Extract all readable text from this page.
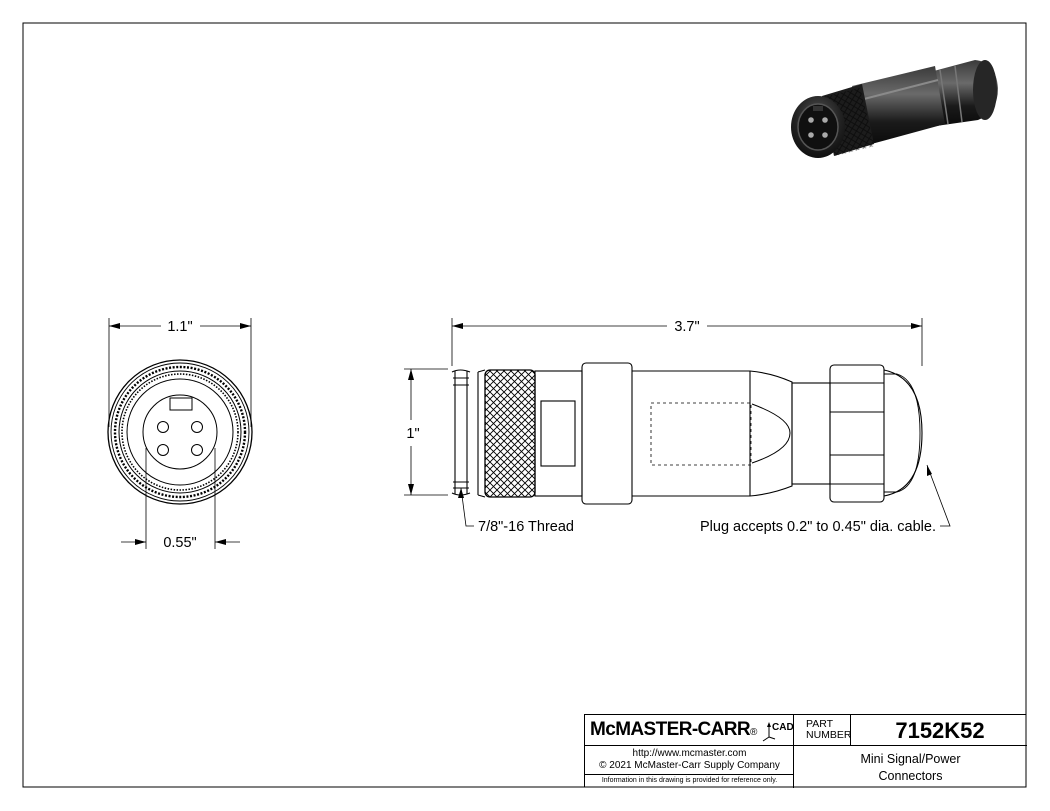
1.1"
0.55"
3.7"
1"
7/8"-16 Thread	Plug accepts 0.2" to 0.45" dia. cable.
McMASTER-CARR® CAD
http://www.mcmaster.com
© 2021 McMaster-Carr Supply Company
Information in this drawing is provided for reference only.
PART
NUMBER	7152K52
Mini Signal/Power
Connectors
